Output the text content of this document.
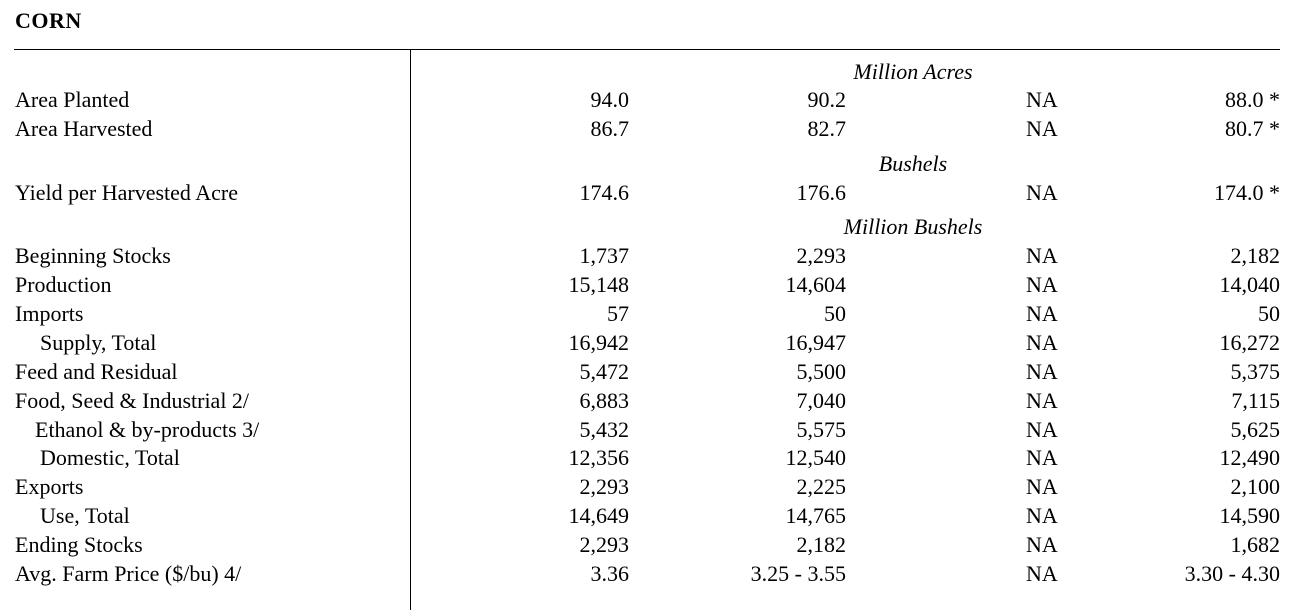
CORN
Million Acres
Bushels
Million Bushels
Area Planted	94.0	90.2	NA	88.0 *
Area Harvested	86.7	82.7	NA	80.7 *
Yield per Harvested Acre	174.6	176.6	NA	174.0 *
Beginning Stocks	1,737	2,293	NA	2,182
Production	15,148	14,604	NA	14,040
Imports	57	50	NA	50
Supply, Total	16,942	16,947	NA	16,272
Feed and Residual	5,472	5,500	NA	5,375
Food, Seed & Industrial 2/	6,883	7,040	NA	7,115
Ethanol & by-products 3/	5,432	5,575	NA	5,625
Domestic, Total	12,356	12,540	NA	12,490
Exports	2,293	2,225	NA	2,100
Use, Total	14,649	14,765	NA	14,590
Ending Stocks	2,293	2,182	NA	1,682
Avg. Farm Price ($/bu) 4/	3.36	3.25 - 3.55	NA	3.30 - 4.30
